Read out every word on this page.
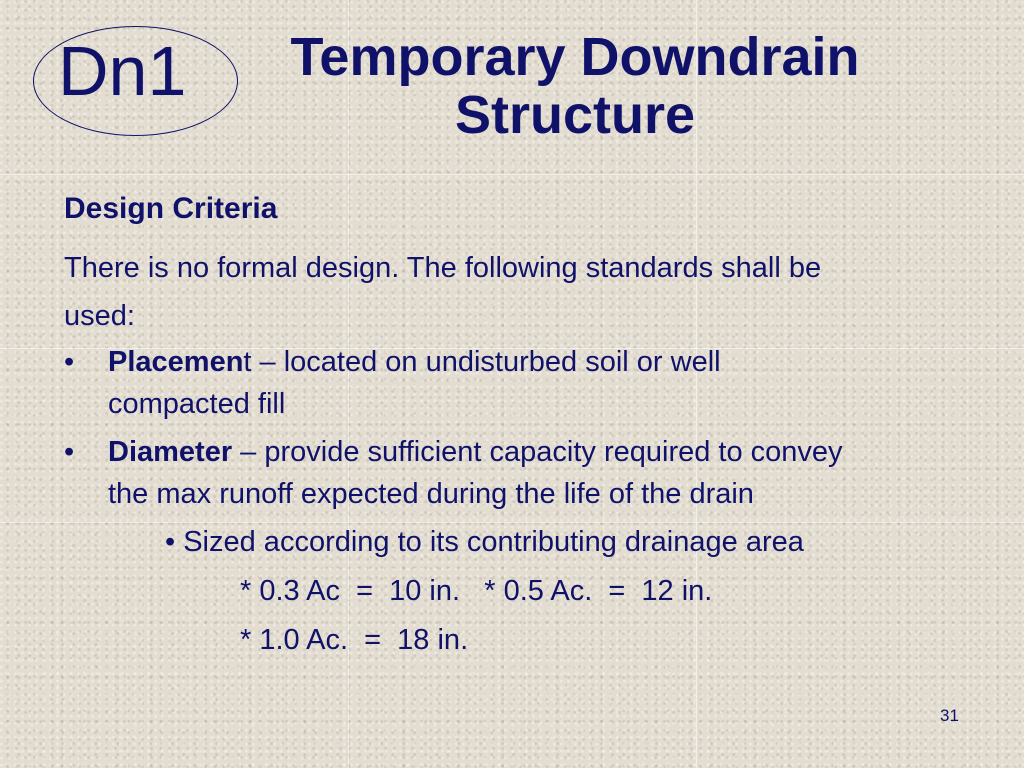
Dn1	Temporary Downdrain
Structure
Design Criteria
There is no formal design. The following standards shall be
used:
• Placement – located on undisturbed soil or well
compacted fill
• Diameter – provide sufficient capacity required to convey
the max runoff expected during the life of the drain
• Sized according to its contributing drainage area
* 0.3 Ac  =  10 in.   * 0.5 Ac.  =  12 in.
* 1.0 Ac.  =  18 in.
31
